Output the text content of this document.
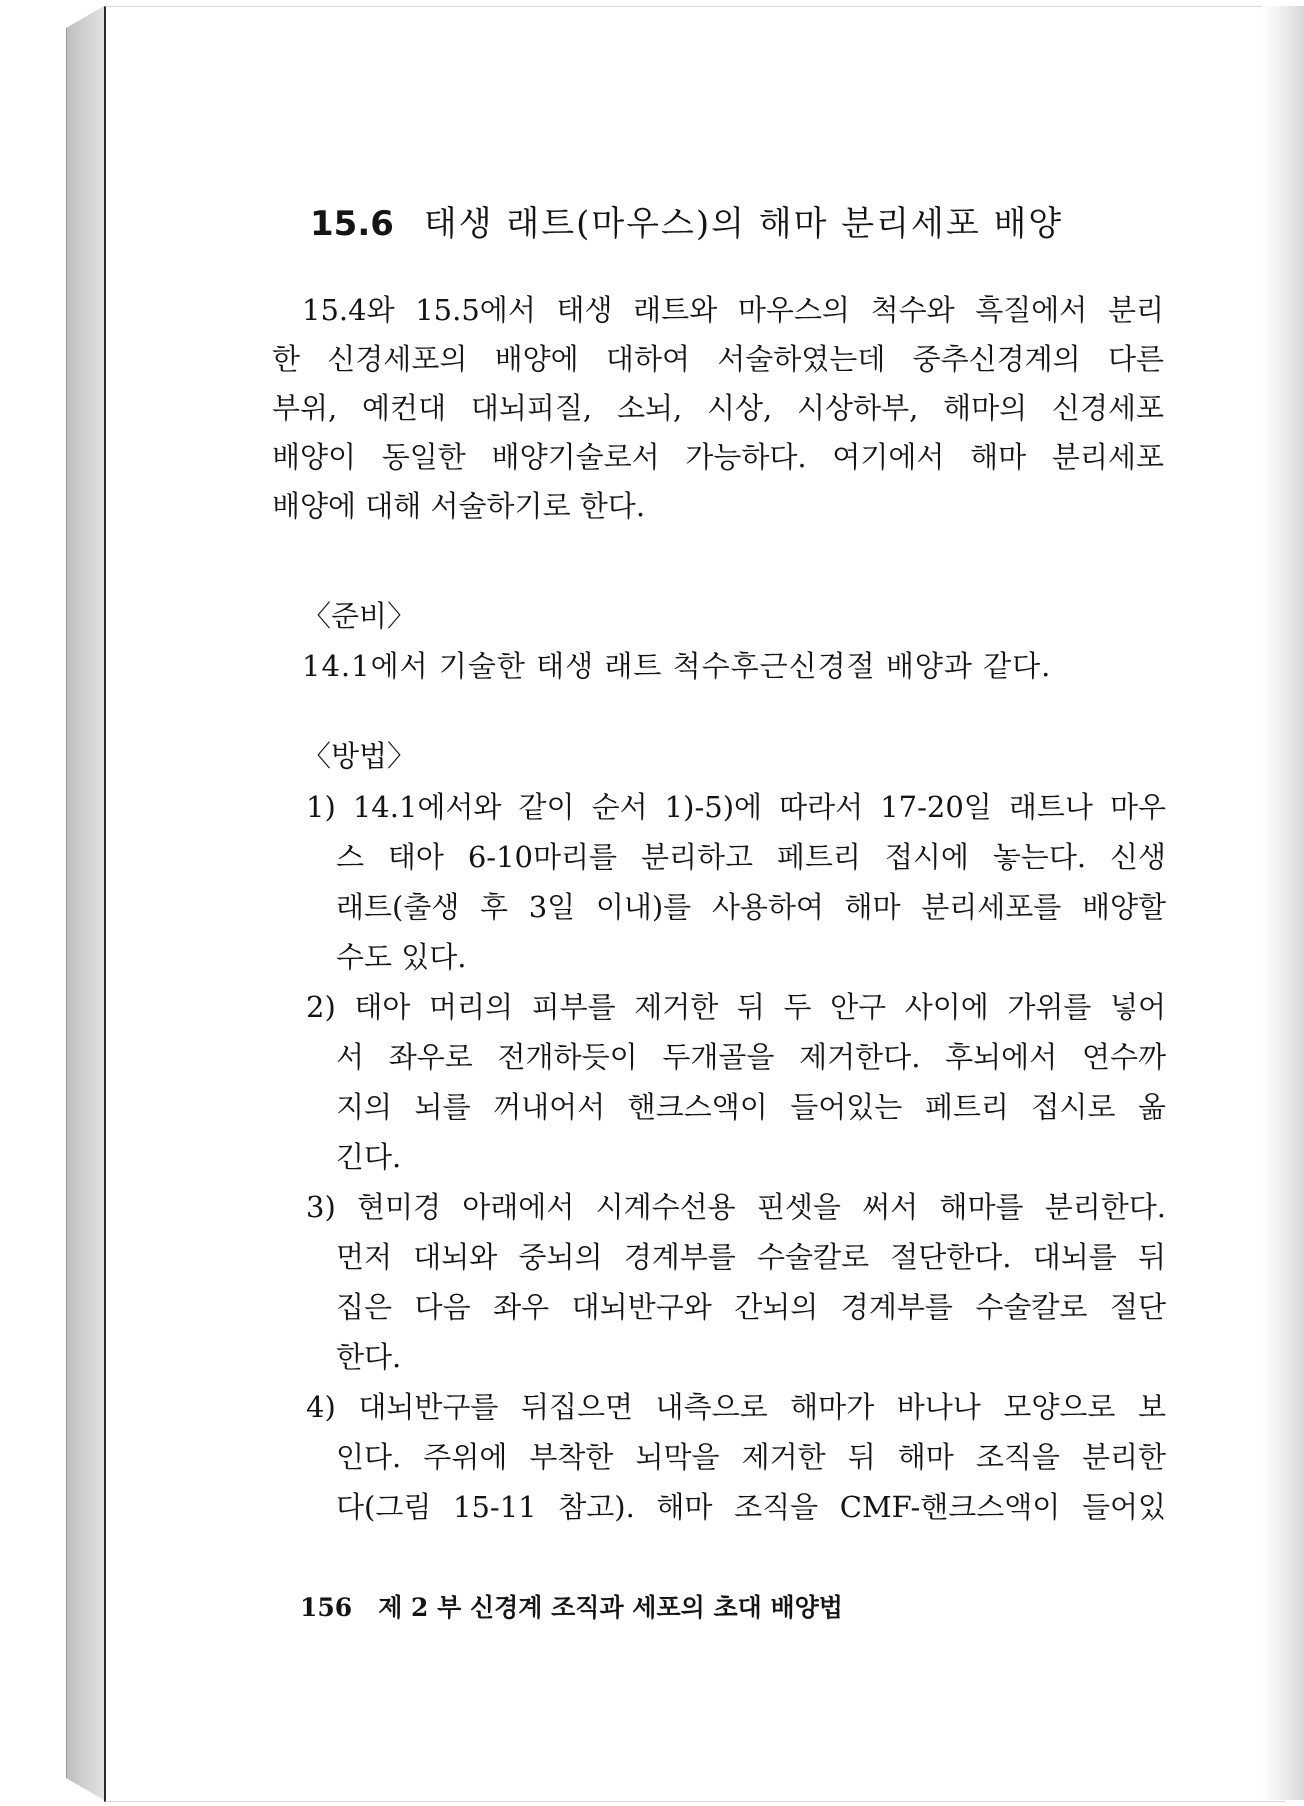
15.6 태생 래트(마우스)의 해마 분리세포 배양
15.4와 15.5에서 태생 래트와 마우스의 척수와 흑질에서 분리
한 신경세포의 배양에 대하여 서술하였는데 중추신경계의 다른
부위, 예컨대 대뇌피질, 소뇌, 시상, 시상하부, 해마의 신경세포
배양이 동일한 배양기술로서 가능하다. 여기에서 해마 분리세포
배양에 대해 서술하기로 한다.
〈준비〉
14.1에서 기술한 태생 래트 척수후근신경절 배양과 같다.
〈방법〉
1) 14.1에서와 같이 순서 1)-5)에 따라서 17-20일 래트나 마우
스 태아 6-10마리를 분리하고 페트리 접시에 놓는다. 신생
래트(출생 후 3일 이내)를 사용하여 해마 분리세포를 배양할
수도 있다.
2) 태아 머리의 피부를 제거한 뒤 두 안구 사이에 가위를 넣어
서 좌우로 전개하듯이 두개골을 제거한다. 후뇌에서 연수까
지의 뇌를 꺼내어서 핸크스액이 들어있는 페트리 접시로 옮
긴다.
3) 현미경 아래에서 시계수선용 핀셋을 써서 해마를 분리한다.
먼저 대뇌와 중뇌의 경계부를 수술칼로 절단한다. 대뇌를 뒤
집은 다음 좌우 대뇌반구와 간뇌의 경계부를 수술칼로 절단
한다.
4) 대뇌반구를 뒤집으면 내측으로 해마가 바나나 모양으로 보
인다. 주위에 부착한 뇌막을 제거한 뒤 해마 조직을 분리한
다(그림 15-11 참고). 해마 조직을 CMF-핸크스액이 들어있
156 제 2 부 신경계 조직과 세포의 초대 배양법
